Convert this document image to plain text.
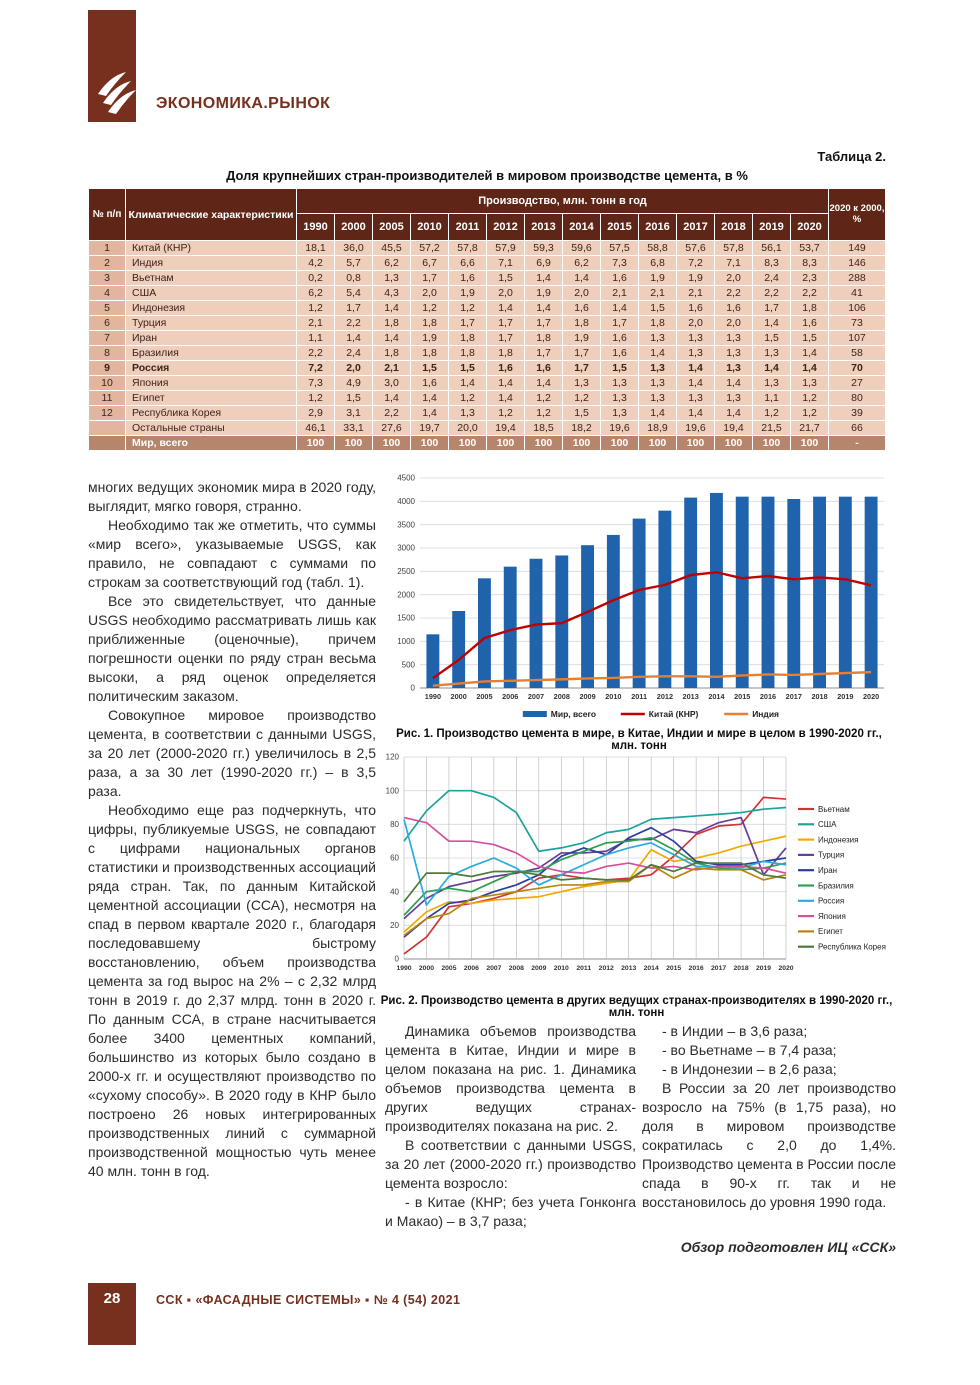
ЭКОНОМИКА.РЫНОК
Таблица 2.
Доля крупнейших стран-производителей в мировом производстве цемента, в %
№ п/п	Климатические характеристики	Производство, млн. тонн в год														2020 к 2000, %
		1990	2000	2005	2010	2011	2012	2013	2014	2015	2016	2017	2018	2019	2020	
1	Китай (КНР)	18,1	36,0	45,5	57,2	57,8	57,9	59,3	59,6	57,5	58,8	57,6	57,8	56,1	53,7	149
2	Индия	4,2	5,7	6,2	6,7	6,6	7,1	6,9	6,2	7,3	6,8	7,2	7,1	8,3	8,3	146
3	Вьетнам	0,2	0,8	1,3	1,7	1,6	1,5	1,4	1,4	1,6	1,9	1,9	2,0	2,4	2,3	288
4	США	6,2	5,4	4,3	2,0	1,9	2,0	1,9	2,0	2,1	2,1	2,1	2,2	2,2	2,2	41
5	Индонезия	1,2	1,7	1,4	1,2	1,2	1,4	1,4	1,6	1,4	1,5	1,6	1,6	1,7	1,8	106
6	Турция	2,1	2,2	1,8	1,8	1,7	1,7	1,7	1,8	1,7	1,8	2,0	2,0	1,4	1,6	73
7	Иран	1,1	1,4	1,4	1,9	1,8	1,7	1,8	1,9	1,6	1,3	1,3	1,3	1,5	1,5	107
8	Бразилия	2,2	2,4	1,8	1,8	1,8	1,8	1,7	1,7	1,6	1,4	1,3	1,3	1,3	1,4	58
9	Россия	7,2	2,0	2,1	1,5	1,5	1,6	1,6	1,7	1,5	1,3	1,4	1,3	1,4	1,4	70
10	Япония	7,3	4,9	3,0	1,6	1,4	1,4	1,4	1,3	1,3	1,3	1,4	1,4	1,3	1,3	27
11	Египет	1,2	1,5	1,4	1,4	1,2	1,4	1,2	1,2	1,3	1,3	1,3	1,3	1,1	1,2	80
12	Республика Корея	2,9	3,1	2,2	1,4	1,3	1,2	1,2	1,5	1,3	1,4	1,4	1,4	1,2	1,2	39
	Остальные страны	46,1	33,1	27,6	19,7	20,0	19,4	18,5	18,2	19,6	18,9	19,6	19,4	21,5	21,7	66
	Мир, всего	100	100	100	100	100	100	100	100	100	100	100	100	100	100	-
0
500
1000
1500
2000
2500
3000
3500
4000
4500
1990 2000 2005 2006 2007 2008 2009 2010 2011 2012 2013 2014 2015 2016 2017 2018 2019 2020
Мир, всего	Китай (КНР)	Индия
Рис. 1. Производство цемента в мире, в Китае, Индии и мире в целом в 1990-2020 гг., млн. тонн
0
20
40
60
80
100
120
1990 2000 2005 2006 2007 2008 2009 2010 2011 2012 2013 2014 2015 2016 2017 2018 2019 2020
Вьетнам
США
Индонезия
Турция
Иран
Бразилия
Россия
Япония
Египет
Республика Корея
Рис. 2. Производство цемента в других ведущих странах-производителях в 1990-2020 гг., млн. тонн

многих ведущих экономик мира в 2020 году, выглядит, мягко говоря, странно.

Необходимо так же отметить, что суммы «мир всего», указываемые USGS, как правило, не совпадают с суммами по строкам за соответствующий год (табл. 1).

Все это свидетельствует, что данные USGS необходимо рассматривать лишь как приближенные (оценочные), причем погрешности оценки по ряду стран весьма высоки, а ряд оценок определяется политическим заказом.

Совокупное мировое производство цемента, в соответствии с данными USGS, за 20 лет (2000-2020 гг.) увеличилось в 2,5 раза, а за 30 лет (1990-2020 гг.) – в 3,5 раза.

Необходимо еще раз подчеркнуть, что цифры, публикуемые USGS, не совпадают с цифрами национальных органов статистики и производственных ассоциаций ряда стран. Так, по данным Китайской цементной ассоциации (ССА), несмотря на спад в первом квартале 2020 г., благодаря последовавшему быстрому восстановлению, объем производства цемента за год вырос на 2% – с 2,32 млрд тонн в 2019 г. до 2,37 млрд. тонн в 2020 г. По данным ССА, в стране насчитывается более 3400 цементных компаний, большинство из которых было создано в 2000-х гг. и осуществляют производство по «сухому способу». В 2020 году в КНР было построено 26 новых интегрированных производственных линий с суммарной производственной мощностью чуть менее 40 млн. тонн в год.

Динамика объемов производства цемента в Китае, Индии и мире в целом показана на рис. 1. Динамика объемов производства цемента в других ведущих странах-производителях показана на рис. 2.

В соответствии с данными USGS, за 20 лет (2000-2020 гг.) производство цемента возросло:

- в Китае (КНР; без учета Гонконга и Макао) – в 3,7 раза;

- в Индии – в 3,6 раза;

- во Вьетнаме – в 7,4 раза;

- в Индонезии – в 2,6 раза;

В России за 20 лет производство возросло на 75% (в 1,75 раза), но доля в мировом производстве сократилась с 2,0 до 1,4%. Производство цемента в России после спада в 90-х гг. так и не восстановилось до уровня 1990 года.

Обзор подготовлен ИЦ «ССК»

28	ССК ▪ «ФАСАДНЫЕ СИСТЕМЫ» ▪ № 4 (54) 2021
